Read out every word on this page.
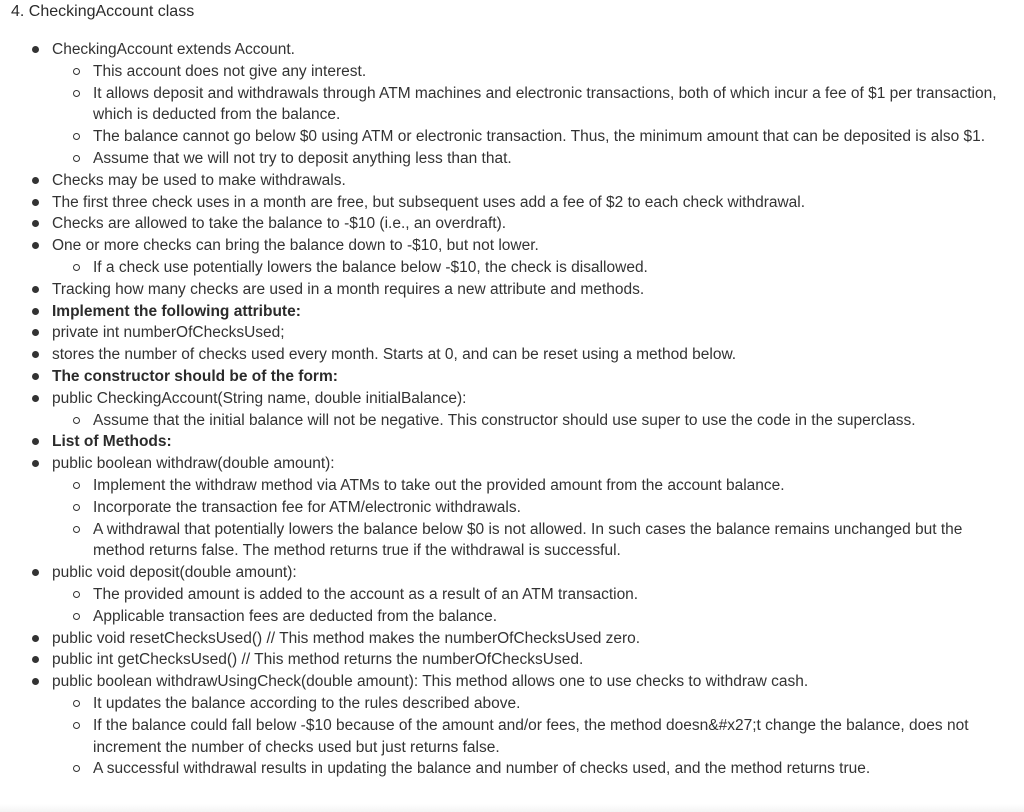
4. CheckingAccount class
CheckingAccount extends Account.
This account does not give any interest.
It allows deposit and withdrawals through ATM machines and electronic transactions, both of which incur a fee of $1 per transaction, which is deducted from the balance.
The balance cannot go below $0 using ATM or electronic transaction. Thus, the minimum amount that can be deposited is also $1.
Assume that we will not try to deposit anything less than that.
Checks may be used to make withdrawals.
The first three check uses in a month are free, but subsequent uses add a fee of $2 to each check withdrawal.
Checks are allowed to take the balance to -$10 (i.e., an overdraft).
One or more checks can bring the balance down to -$10, but not lower.
If a check use potentially lowers the balance below -$10, the check is disallowed.
Tracking how many checks are used in a month requires a new attribute and methods.
Implement the following attribute:
private int numberOfChecksUsed;
stores the number of checks used every month. Starts at 0, and can be reset using a method below.
The constructor should be of the form:
public CheckingAccount(String name, double initialBalance):
Assume that the initial balance will not be negative. This constructor should use super to use the code in the superclass.
List of Methods:
public boolean withdraw(double amount):
Implement the withdraw method via ATMs to take out the provided amount from the account balance.
Incorporate the transaction fee for ATM/electronic withdrawals.
A withdrawal that potentially lowers the balance below $0 is not allowed. In such cases the balance remains unchanged but the method returns false. The method returns true if the withdrawal is successful.
public void deposit(double amount):
The provided amount is added to the account as a result of an ATM transaction.
Applicable transaction fees are deducted from the balance.
public void resetChecksUsed() // This method makes the numberOfChecksUsed zero.
public int getChecksUsed() // This method returns the numberOfChecksUsed.
public boolean withdrawUsingCheck(double amount): This method allows one to use checks to withdraw cash.
It updates the balance according to the rules described above.
If the balance could fall below -$10 because of the amount and/or fees, the method doesn&#x27;t change the balance, does not increment the number of checks used but just returns false.
A successful withdrawal results in updating the balance and number of checks used, and the method returns true.
